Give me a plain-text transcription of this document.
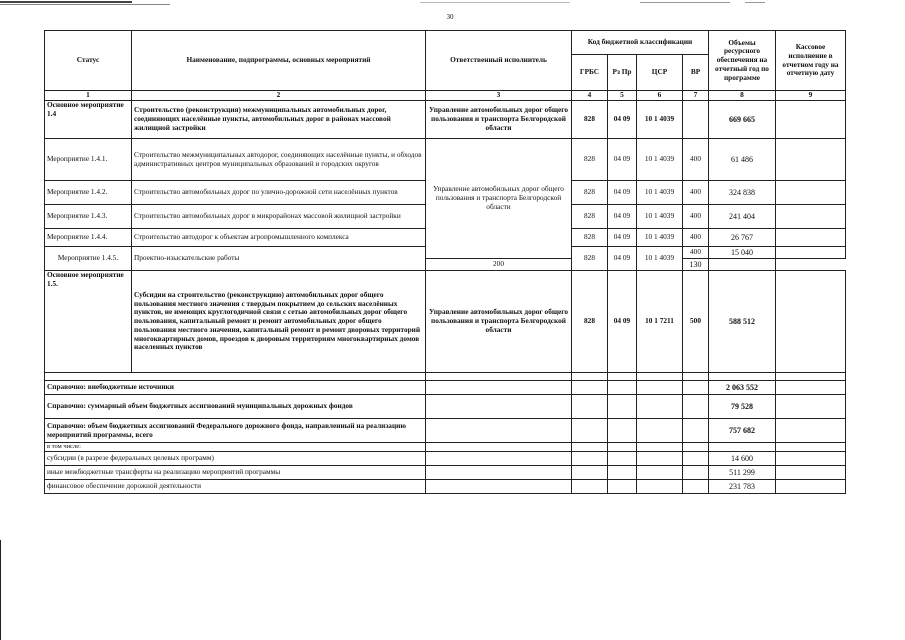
30
Статус	Наименование, подпрограммы, основных мероприятий	Ответственный исполнитель	Код бюджетной классификации				Объемы ресурсного обеспечения на отчетный год по программе	Кассовое исполнение в отчетном году на отчетную дату
			ГРБС	Рз Пр	ЦСР	ВР		
1	2	3	4	5	6	7	8	9
Основное мероприятие 1.4	Строительство (реконструкция) межмуниципальных автомобильных дорог, соединяющих населённые пункты, автомобильных дорог в районах массовой жилищной застройки	Управление автомобильных дорог общего пользования и транспорта Белгородской области	828	04 09	10 1 4039		669 665	
Мероприятие 1.4.1.	Строительство межмуниципальных автодорог, соединяющих населённые пункты, и обходов административных центров муниципальных образований и городских округов	Управление автомобильных дорог общего пользования и транспорта Белгородской области	828	04 09	10 1 4039	400	61 486	
Мероприятие 1.4.2.	Строительство автомобильных дорог по улично-дорожной сети населённых пунктов		828	04 09	10 1 4039	400	324 838	
Мероприятие 1.4.3.	Строительство автомобильных дорог в микрорайонах массовой жилищной застройки		828	04 09	10 1 4039	400	241 404	
Мероприятие 1.4.4.	Строительство автодорог к объектам агропромышленного комплекса		828	04 09	10 1 4039	400	26 767	
Мероприятие 1.4.5.	Проектно-изыскательские работы		828	04 09	10 1 4039	400	15 040	
		200				130		
Основное мероприятие 1.5.	Субсидии на строительство (реконструкцию) автомобильных дорог общего пользования местного значения с твердым покрытием до сельских населённых пунктов, не имеющих круглогодичной связи с сетью автомобильных дорог общего пользования, капитальный ремонт и ремонт автомобильных дорог общего пользования местного значения, капитальный ремонт и ремонт дворовых территорий многоквартирных домов, проездов к дворовым территориям многоквартирных домов населенных пунктов	Управление автомобильных дорог общего пользования и транспорта Белгородской области	828	04 09	10 1 7211	500	588 512	

Справочно: внебюджетные источники							2 063 552	
Справочно: суммарный объем бюджетных ассигнований муниципальных дорожных фондов							79 528	
Справочно: объем бюджетных ассигнований Федерального дорожного фонда, направленный на реализацию мероприятий программы, всего							757 682	
в том числе:								
субсидии (в разрезе федеральных целевых программ)							14 600	
иные межбюджетные трансферты на реализацию мероприятий программы							511 299	
финансовое обеспечение дорожной деятельности							231 783	
